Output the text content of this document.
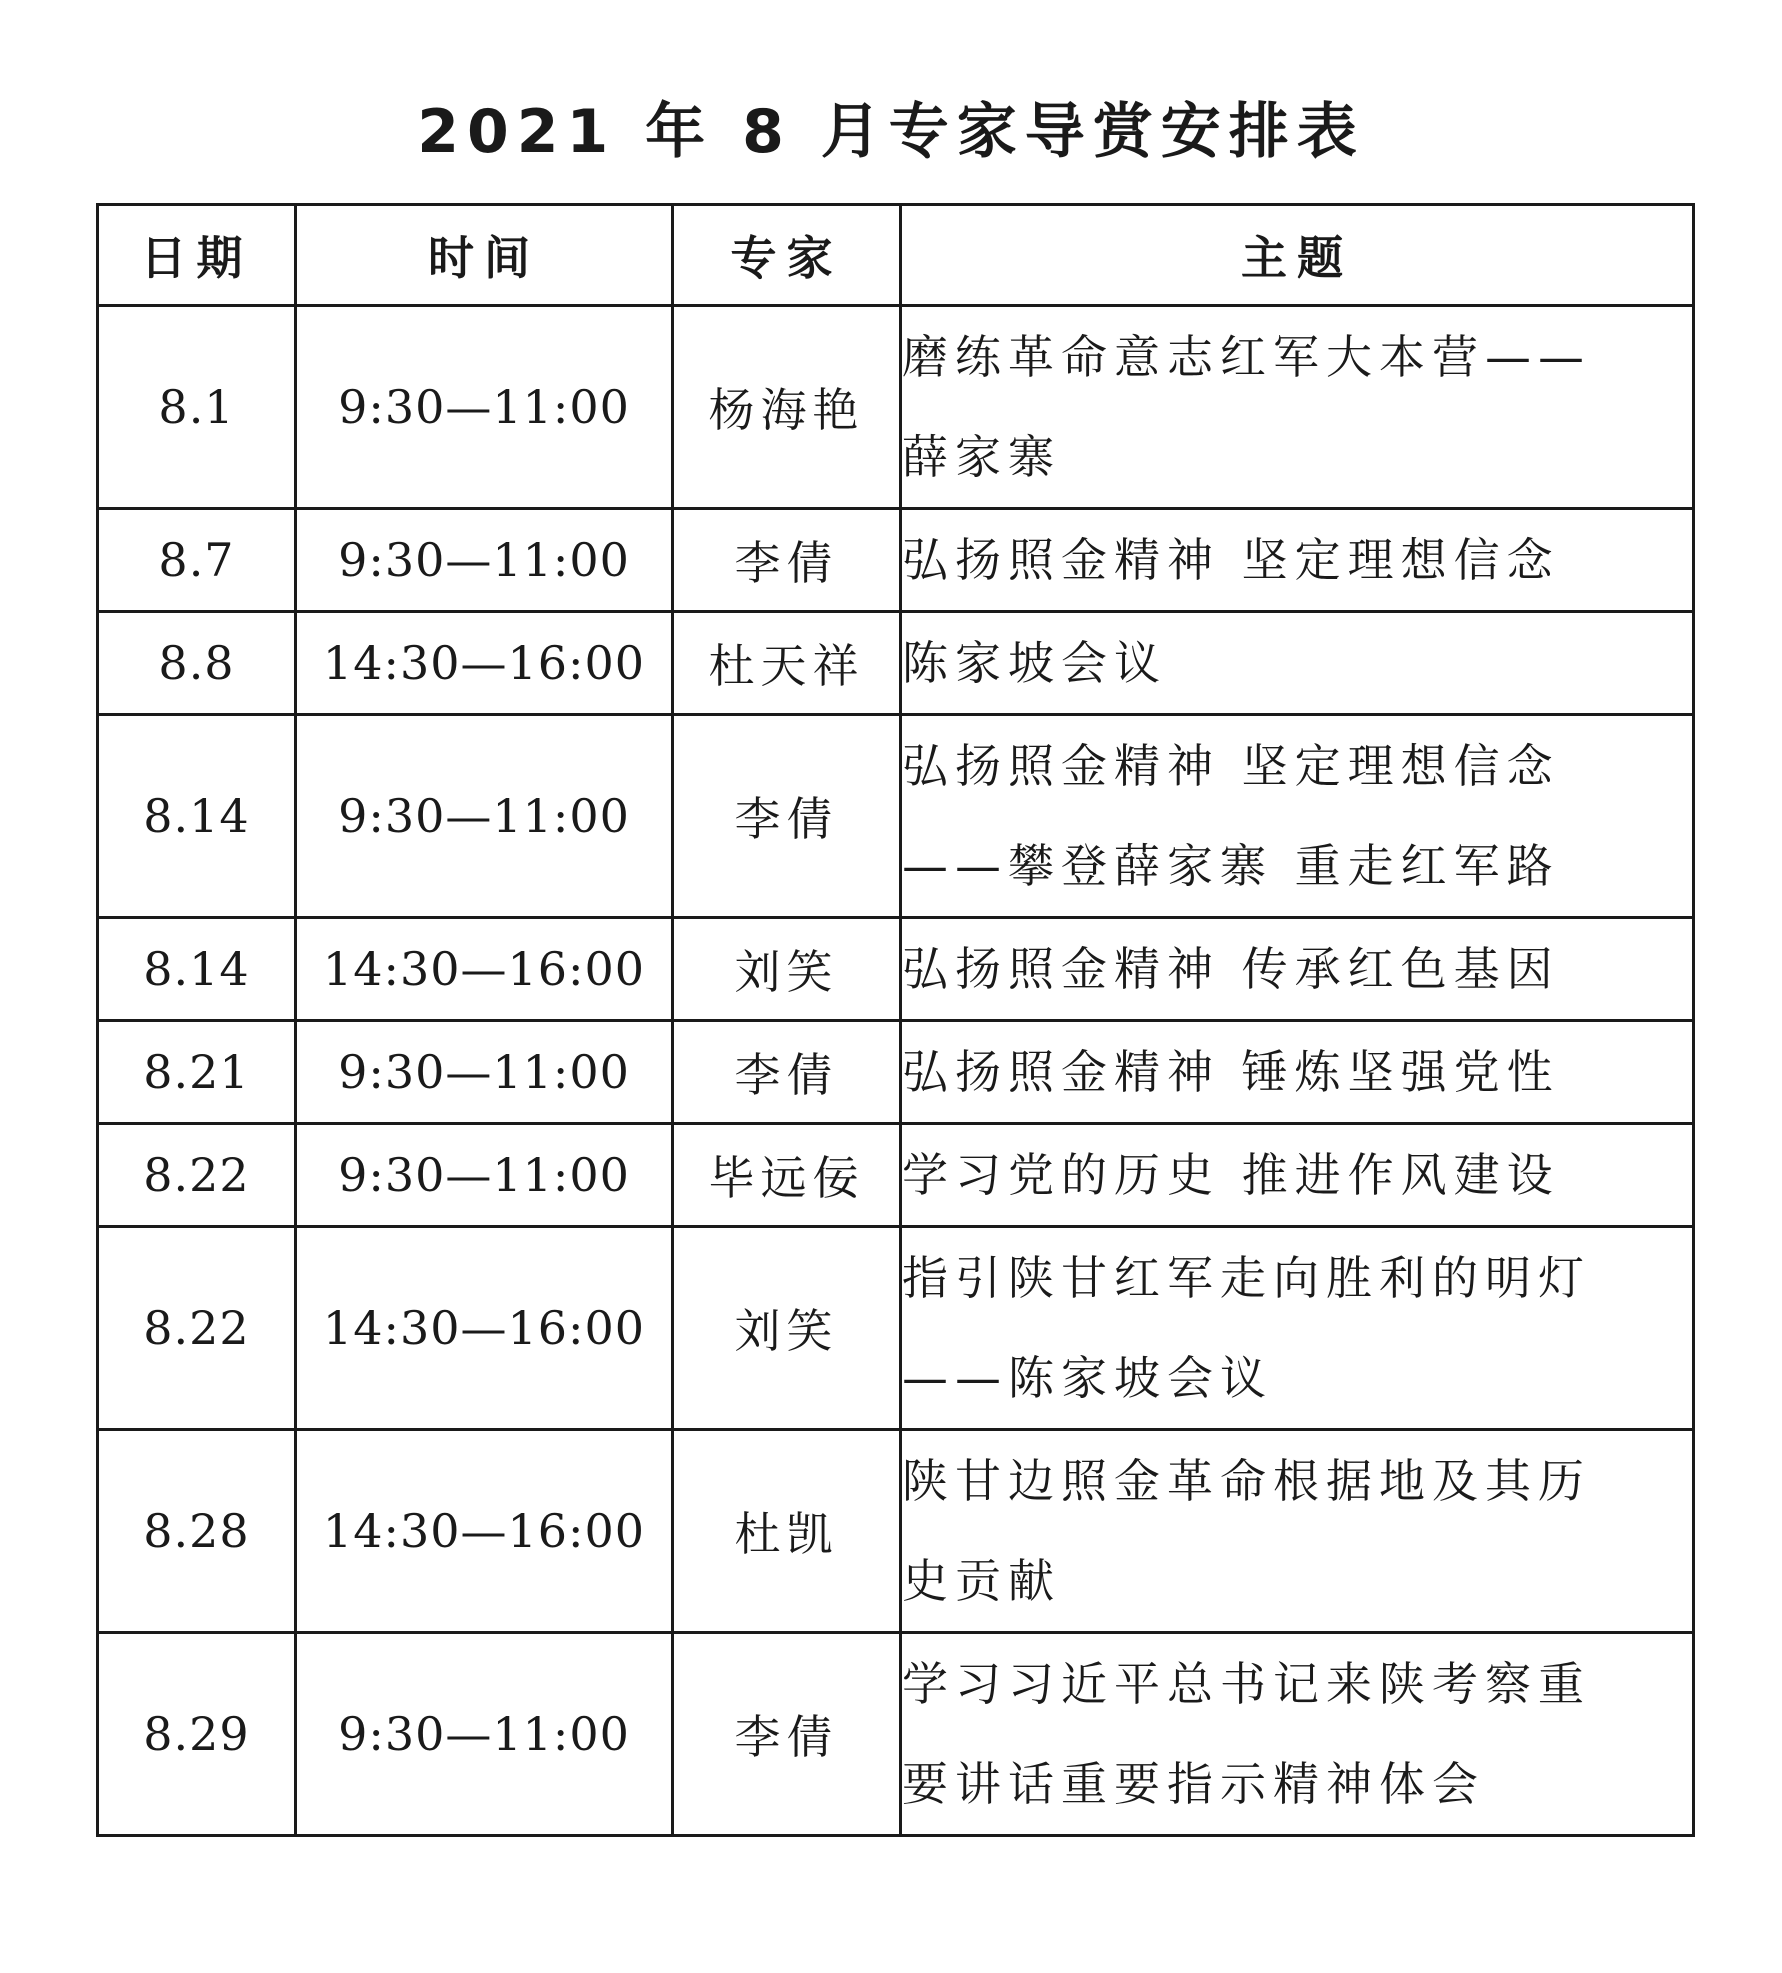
2021 年 8 月专家导赏安排表
日期	时间	专家	主题
8.1	9:30—11:00	杨海艳	磨练革命意志红军大本营——
薛家寨

8.7	9:30—11:00	李倩	弘扬照金精神 坚定理想信念

8.8	14:30—16:00	杜天祥	陈家坡会议

8.14	9:30—11:00	李倩	弘扬照金精神 坚定理想信念
——攀登薛家寨 重走红军路

8.14	14:30—16:00	刘笑	弘扬照金精神 传承红色基因

8.21	9:30—11:00	李倩	弘扬照金精神 锤炼坚强党性

8.22	9:30—11:00	毕远佞	学习党的历史 推进作风建设

8.22	14:30—16:00	刘笑	指引陕甘红军走向胜利的明灯
——陈家坡会议

8.28	14:30—16:00	杜凯	陕甘边照金革命根据地及其历
史贡献

8.29	9:30—11:00	李倩	学习习近平总书记来陕考察重
要讲话重要指示精神体会
